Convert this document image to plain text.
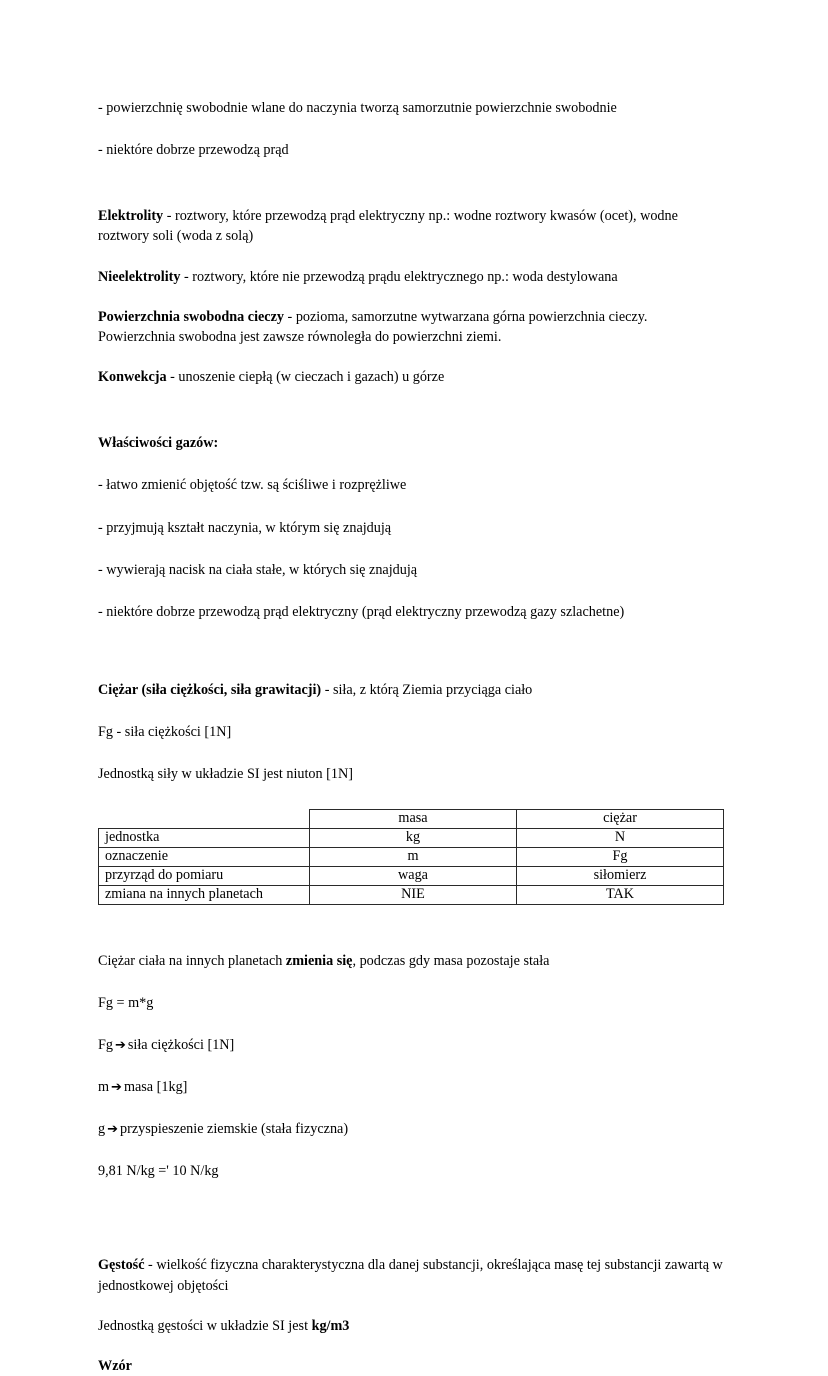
- powierzchnię swobodnie wlane do naczynia tworzą samorzutnie powierzchnie swobodnie

- niektóre dobrze przewodzą prąd

Elektrolity - roztwory, które przewodzą prąd elektryczny np.: wodne roztwory kwasów (ocet), wodne roztwory soli (woda z solą)

Nieelektrolity - roztwory, które nie przewodzą prądu elektrycznego np.: woda destylowana

Powierzchnia swobodna cieczy - pozioma, samorzutne wytwarzana górna powierzchnia cieczy. Powierzchnia swobodna jest zawsze równoległa do powierzchni ziemi.

Konwekcja - unoszenie ciepłą (w cieczach i gazach) u górze

Właściwości gazów:

- łatwo zmienić objętość tzw. są ściśliwe i rozprężliwe

- przyjmują kształt naczynia, w którym się znajdują

- wywierają nacisk na ciała stałe, w których się znajdują

- niektóre dobrze przewodzą prąd elektryczny (prąd elektryczny przewodzą gazy szlachetne)

Ciężar (siła ciężkości, siła grawitacji) - siła, z którą Ziemia przyciąga ciało

Fg - siła ciężkości [1N]

Jednostką siły w układzie SI jest niuton [1N]

	masa	ciężar
jednostka	kg	N
oznaczenie	m	Fg
przyrząd do pomiaru	waga	siłomierz
zmiana na innych planetach	NIE	TAK

Ciężar ciała na innych planetach zmienia się, podczas gdy masa pozostaje stała

Fg = m*g

Fg ➔ siła ciężkości [1N]

m ➔ masa [1kg]

g ➔ przyspieszenie ziemskie (stała fizyczna)

9,81 N/kg =' 10 N/kg

Gęstość - wielkość fizyczna charakterystyczna dla danej substancji, określająca masę tej substancji zawartą w jednostkowej objętości

Jednostką gęstości w układzie SI jest kg/m3

Wzór
